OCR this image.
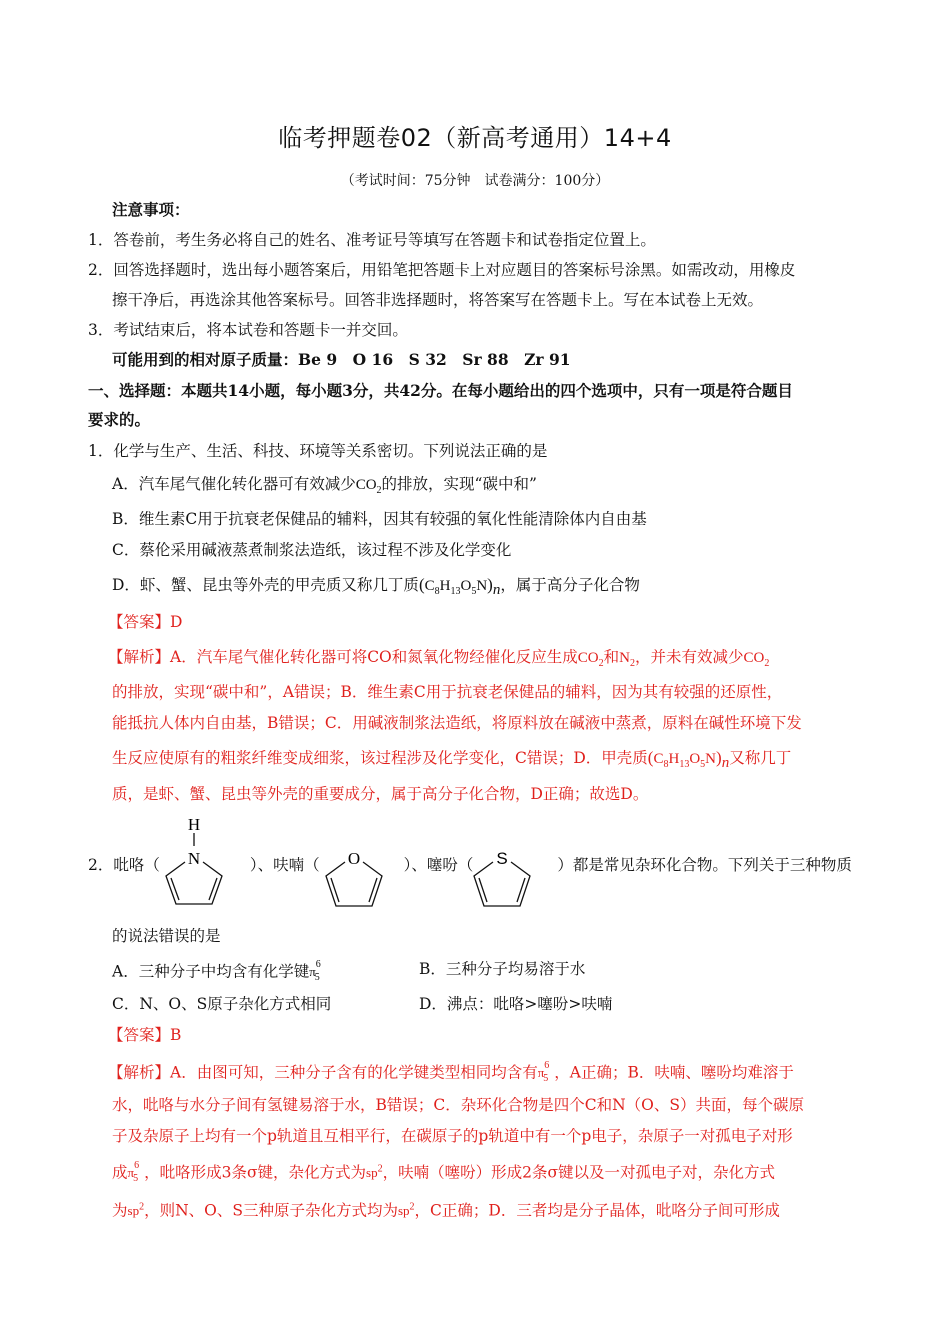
临考押题卷02（新高考通用）14+4
（考试时间：75分钟　试卷满分：100分）
注意事项：
1．答卷前，考生务必将自己的姓名、准考证号等填写在答题卡和试卷指定位置上。
2．回答选择题时，选出每小题答案后，用铅笔把答题卡上对应题目的答案标号涂黑。如需改动，用橡皮
擦干净后，再选涂其他答案标号。回答非选择题时，将答案写在答题卡上。写在本试卷上无效。
3．考试结束后，将本试卷和答题卡一并交回。
可能用到的相对原子质量：Be 9　O 16　S 32　Sr 88　Zr 91
一、选择题：本题共14小题，每小题3分，共42分。在每小题给出的四个选项中，只有一项是符合题目
要求的。
1．化学与生产、生活、科技、环境等关系密切。下列说法正确的是
A．汽车尾气催化转化器可有效减少$CO_2$的排放，实现“碳中和”
B．维生素C用于抗衰老保健品的辅料，因其有较强的氧化性能清除体内自由基
C．蔡伦采用碱液蒸煮制浆法造纸，该过程不涉及化学变化
D．虾、蟹、昆虫等外壳的甲壳质又称几丁质$(C_8H_{13}O_5N)_n$，属于高分子化合物
【答案】D
【解析】A．汽车尾气催化转化器可将CO和氮氧化物经催化反应生成$CO_2$和$N_2$，并未有效减少$CO_2$
的排放，实现“碳中和”，A错误；B．维生素C用于抗衰老保健品的辅料，因为其有较强的还原性，
能抵抗人体内自由基，B错误；C．用碱液制浆法造纸，将原料放在碱液中蒸煮，原料在碱性环境下发
生反应使原有的粗浆纤维变成细浆，该过程涉及化学变化，C错误；D．甲壳质$(C_8H_{13}O_5N)_n$又称几丁
质，是虾、蟹、昆虫等外壳的重要成分，属于高分子化合物，D正确；故选D。
2．吡咯（	）、呋喃（	）、噻吩（	）都是常见杂环化合物。下列关于三种物质
H
N	O	S
的说法错误的是
A．三种分子中均含有化学键$\pi^6_5$	B．三种分子均易溶于水
C．N、O、S原子杂化方式相同	D．沸点：吡咯>噻吩>呋喃
【答案】B
【解析】A．由图可知，三种分子含有的化学键类型相同均含有$\pi^6_5$ ，A正确；B．呋喃、噻吩均难溶于
水，吡咯与水分子间有氢键易溶于水，B错误；C．杂环化合物是四个C和N（O、S）共面，每个碳原
子及杂原子上均有一个p轨道且互相平行，在碳原子的p轨道中有一个p电子，杂原子一对孤电子对形
成$\pi^6_5$ ，吡咯形成3条σ键，杂化方式为$sp^2$，呋喃（噻吩）形成2条σ键以及一对孤电子对，杂化方式
为$sp^2$，则N、O、S三种原子杂化方式均为$sp^2$，C正确；D．三者均是分子晶体，吡咯分子间可形成
